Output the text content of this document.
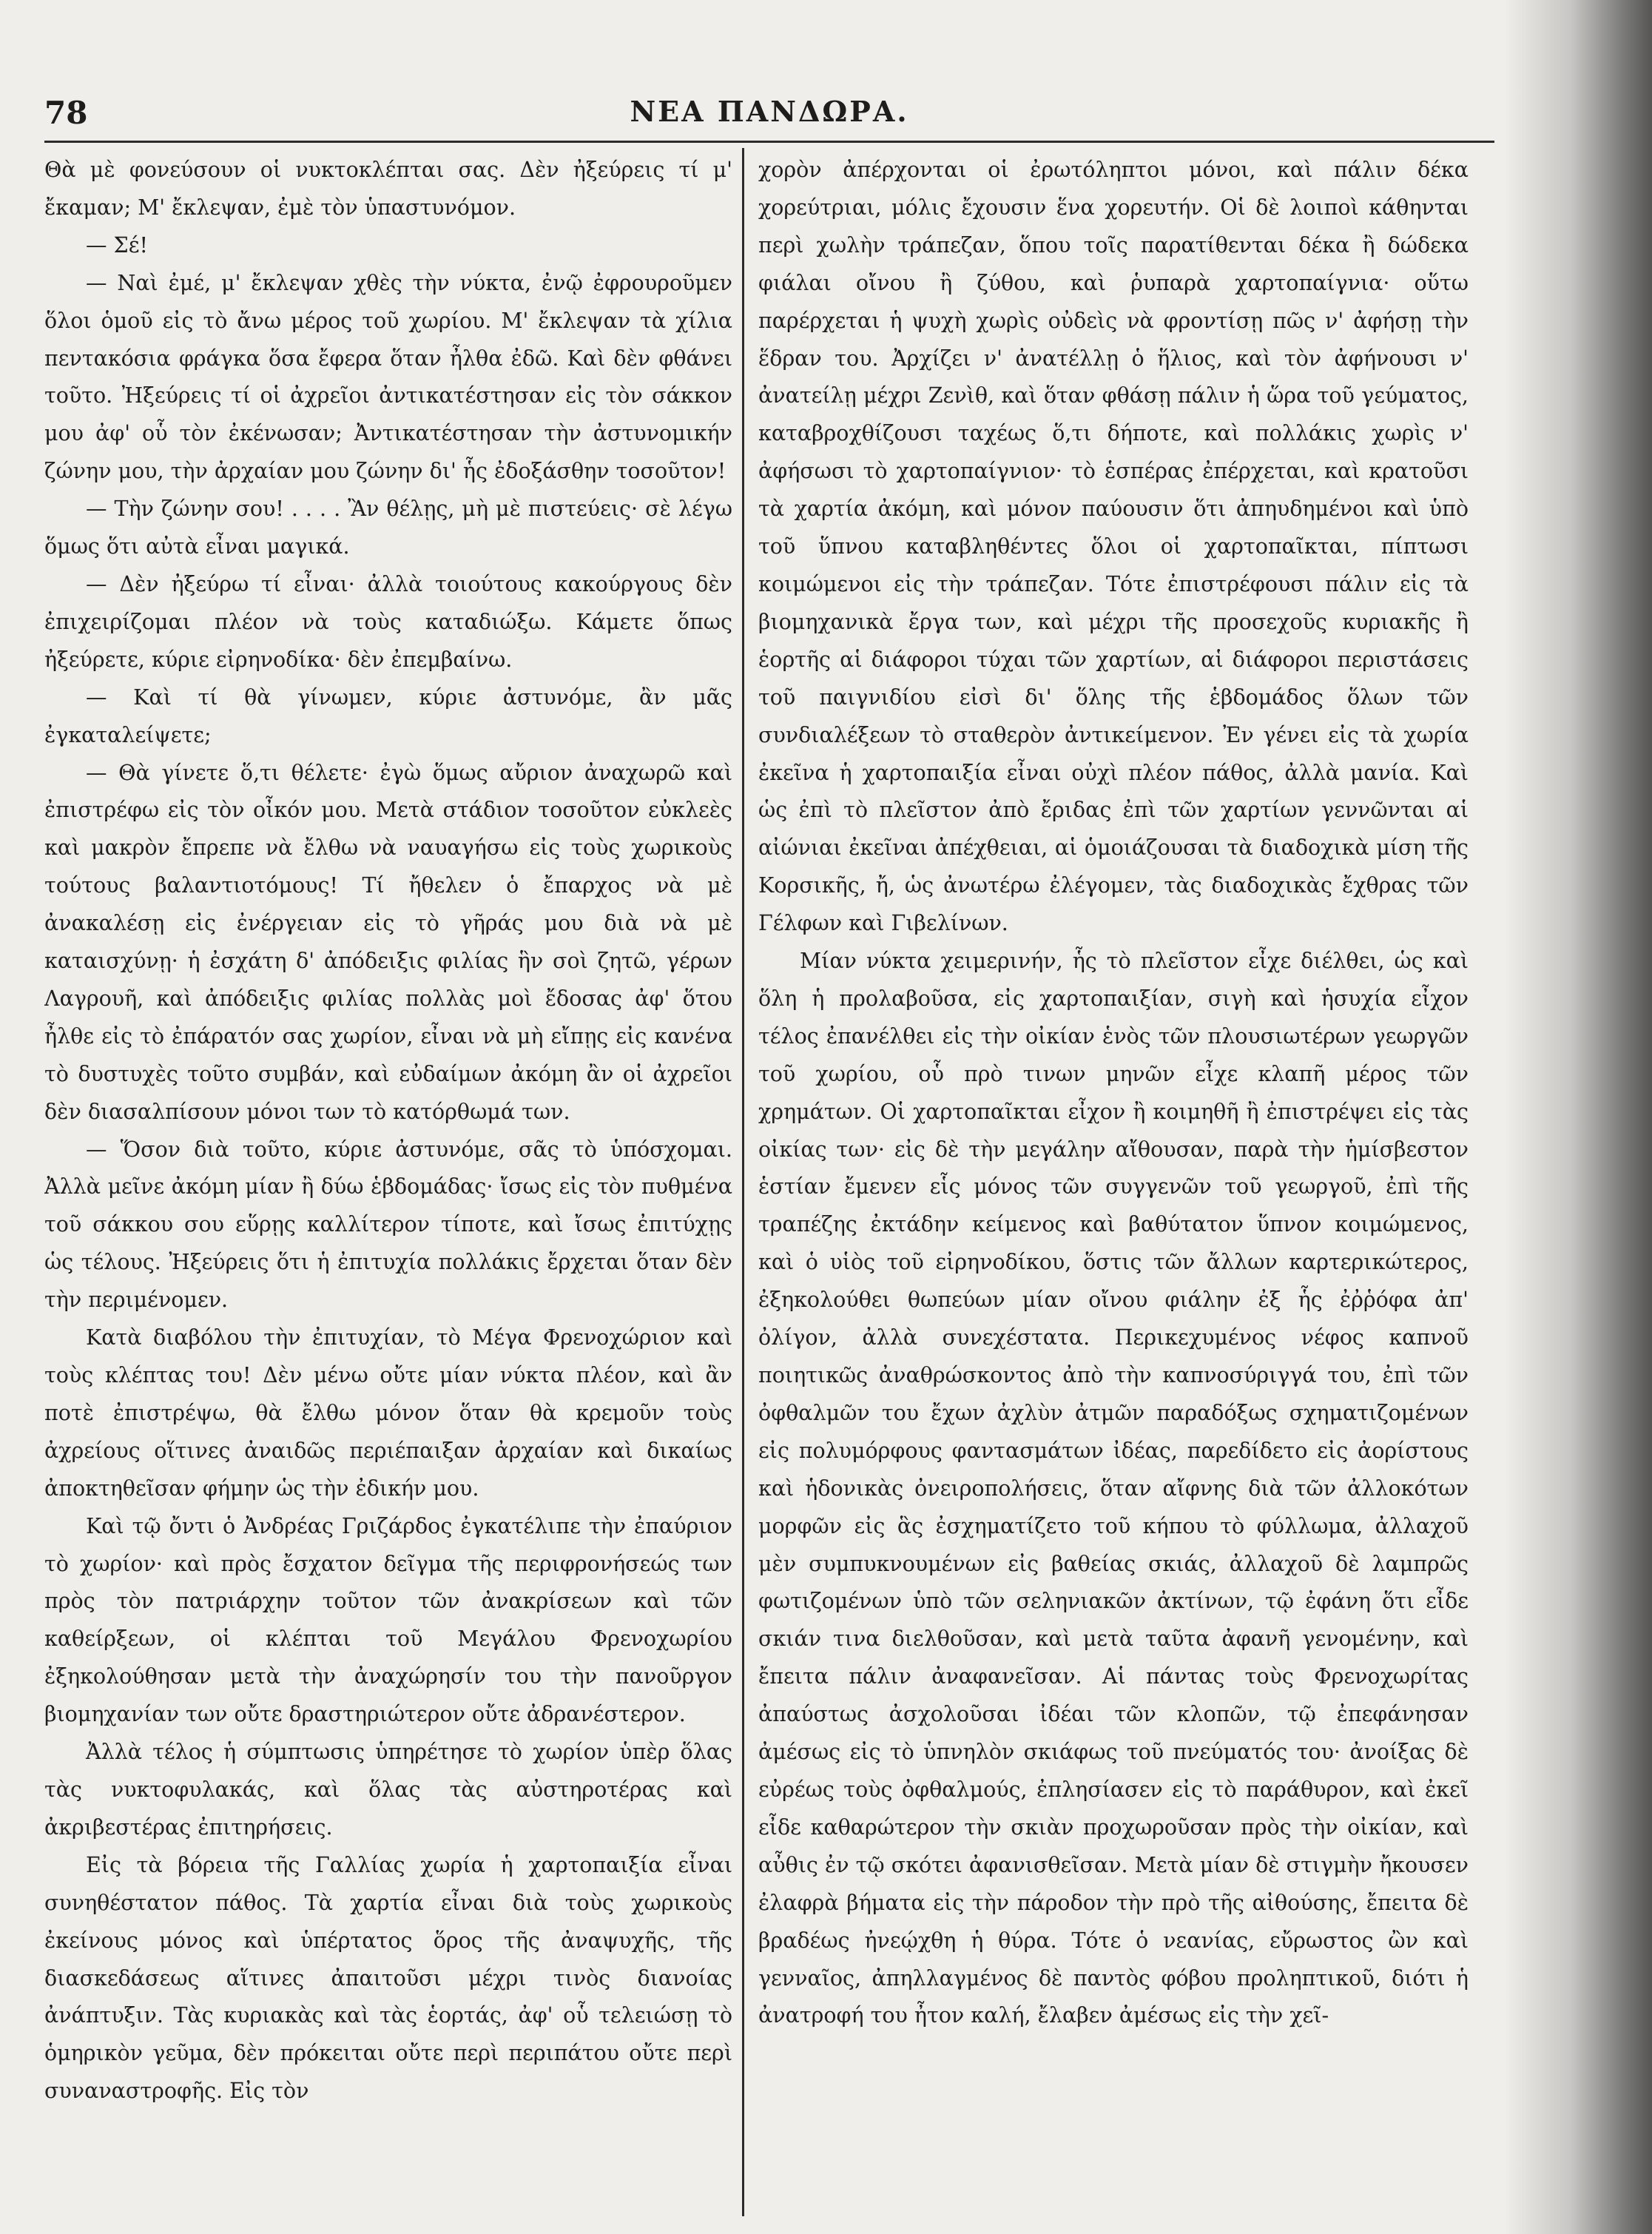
78	ΝΕΑ ΠΑΝΔΩΡΑ.

Θὰ μὲ φονεύσουν οἱ νυκτοκλέπται σας. Δὲν ἠξεύρεις τί μ' ἔκαμαν; Μ' ἔκλεψαν, ἐμὲ τὸν ὑπαστυνόμον.

— Σέ!

— Ναὶ ἐμέ, μ' ἔκλεψαν χθὲς τὴν νύκτα, ἐνῷ ἐφρουροῦμεν ὅλοι ὁμοῦ εἰς τὸ ἄνω μέρος τοῦ χωρίου. Μ' ἔκλεψαν τὰ χίλια πεντακόσια φράγκα ὅσα ἔφερα ὅταν ἦλθα ἐδῶ. Καὶ δὲν φθάνει τοῦτο. Ἠξεύρεις τί οἱ ἀχρεῖοι ἀντικατέστησαν εἰς τὸν σάκκον μου ἀφ' οὗ τὸν ἐκένωσαν; Ἀντικατέστησαν τὴν ἀστυνομικήν ζώνην μου, τὴν ἀρχαίαν μου ζώνην δι' ἧς ἐδοξάσθην τοσοῦτον!

— Τὴν ζώνην σου! . . . . Ἂν θέλῃς, μὴ μὲ πιστεύεις· σὲ λέγω ὅμως ὅτι αὐτὰ εἶναι μαγικά.

— Δὲν ἠξεύρω τί εἶναι· ἀλλὰ τοιούτους κακούργους δὲν ἐπιχειρίζομαι πλέον νὰ τοὺς καταδιώξω. Κάμετε ὅπως ἠξεύρετε, κύριε εἰρηνοδίκα· δὲν ἐπεμβαίνω.

— Καὶ τί θὰ γίνωμεν, κύριε ἀστυνόμε, ἂν μᾶς ἐγκαταλείψετε;

— Θὰ γίνετε ὅ,τι θέλετε· ἐγὼ ὅμως αὔριον ἀναχωρῶ καὶ ἐπιστρέφω εἰς τὸν οἶκόν μου. Μετὰ στάδιον τοσοῦτον εὐκλεὲς καὶ μακρὸν ἔπρεπε νὰ ἔλθω νὰ ναυαγήσω εἰς τοὺς χωρικοὺς τούτους βαλαντιοτόμους! Τί ἤθελεν ὁ ἔπαρχος νὰ μὲ ἀνακαλέσῃ εἰς ἐνέργειαν εἰς τὸ γῆράς μου διὰ νὰ μὲ καταισχύνῃ· ἡ ἐσχάτη δ' ἀπόδειξις φιλίας ἣν σοὶ ζητῶ, γέρων Λαγρουῆ, καὶ ἀπόδειξις φιλίας πολλὰς μοὶ ἔδοσας ἀφ' ὅτου ἦλθε εἰς τὸ ἐπάρατόν σας χωρίον, εἶναι νὰ μὴ εἴπῃς εἰς κανένα τὸ δυστυχὲς τοῦτο συμβάν, καὶ εὐδαίμων ἀκόμη ἂν οἱ ἀχρεῖοι δὲν διασαλπίσουν μόνοι των τὸ κατόρθωμά των.

— Ὅσον διὰ τοῦτο, κύριε ἀστυνόμε, σᾶς τὸ ὑπόσχομαι. Ἀλλὰ μεῖνε ἀκόμη μίαν ἢ δύω ἑβδομάδας· ἴσως εἰς τὸν πυθμένα τοῦ σάκκου σου εὕρῃς καλλίτερον τίποτε, καὶ ἴσως ἐπιτύχῃς ὡς τέλους. Ἠξεύρεις ὅτι ἡ ἐπιτυχία πολλάκις ἔρχεται ὅταν δὲν τὴν περιμένομεν.

Κατὰ διαβόλου τὴν ἐπιτυχίαν, τὸ Μέγα Φρενοχώριον καὶ τοὺς κλέπτας του! Δὲν μένω οὔτε μίαν νύκτα πλέον, καὶ ἂν ποτὲ ἐπιστρέψω, θὰ ἔλθω μόνον ὅταν θὰ κρεμοῦν τοὺς ἀχρείους οἵτινες ἀναιδῶς περιέπαιξαν ἀρχαίαν καὶ δικαίως ἀποκτηθεῖσαν φήμην ὡς τὴν ἐδικήν μου.

Καὶ τῷ ὄντι ὁ Ἀνδρέας Γριζάρδος ἐγκατέλιπε τὴν ἐπαύριον τὸ χωρίον· καὶ πρὸς ἔσχατον δεῖγμα τῆς περιφρονήσεώς των πρὸς τὸν πατριάρχην τοῦτον τῶν ἀνακρίσεων καὶ τῶν καθείρξεων, οἱ κλέπται τοῦ Μεγάλου Φρενοχωρίου ἐξηκολούθησαν μετὰ τὴν ἀναχώρησίν του τὴν πανοῦργον βιομηχανίαν των οὔτε δραστηριώτερον οὔτε ἀδρανέστερον.

Ἀλλὰ τέλος ἡ σύμπτωσις ὑπηρέτησε τὸ χωρίον ὑπὲρ ὅλας τὰς νυκτοφυλακάς, καὶ ὅλας τὰς αὐστηροτέρας καὶ ἀκριβεστέρας ἐπιτηρήσεις.

Εἰς τὰ βόρεια τῆς Γαλλίας χωρία ἡ χαρτοπαιξία εἶναι συνηθέστατον πάθος. Τὰ χαρτία εἶναι διὰ τοὺς χωρικοὺς ἐκείνους μόνος καὶ ὑπέρτατος ὅρος τῆς ἀναψυχῆς, τῆς διασκεδάσεως αἵτινες ἀπαιτοῦσι μέχρι τινὸς διανοίας ἀνάπτυξιν. Τὰς κυριακὰς καὶ τὰς ἑορτάς, ἀφ' οὗ τελειώσῃ τὸ ὁμηρικὸν γεῦμα, δὲν πρόκειται οὔτε περὶ περιπάτου οὔτε περὶ συναναστροφῆς. Εἰς τὸν

χορὸν ἀπέρχονται οἱ ἐρωτόληπτοι μόνοι, καὶ πάλιν δέκα χορεύτριαι, μόλις ἔχουσιν ἕνα χορευτήν. Οἱ δὲ λοιποὶ κάθηνται περὶ χωλὴν τράπεζαν, ὅπου τοῖς παρατίθενται δέκα ἢ δώδεκα φιάλαι οἴνου ἢ ζύθου, καὶ ῥυπαρὰ χαρτοπαίγνια· οὕτω παρέρχεται ἡ ψυχὴ χωρὶς οὐδεὶς νὰ φροντίσῃ πῶς ν' ἀφήσῃ τὴν ἕδραν του. Ἀρχίζει ν' ἀνατέλλῃ ὁ ἥλιος, καὶ τὸν ἀφήνουσι ν' ἀνατείλῃ μέχρι Ζενὶθ, καὶ ὅταν φθάσῃ πάλιν ἡ ὥρα τοῦ γεύματος, καταβροχθίζουσι ταχέως ὅ,τι δήποτε, καὶ πολλάκις χωρὶς ν' ἀφήσωσι τὸ χαρτοπαίγνιον· τὸ ἑσπέρας ἐπέρχεται, καὶ κρατοῦσι τὰ χαρτία ἀκόμη, καὶ μόνον παύουσιν ὅτι ἀπηυδημένοι καὶ ὑπὸ τοῦ ὕπνου καταβληθέντες ὅλοι οἱ χαρτοπαῖκται, πίπτωσι κοιμώμενοι εἰς τὴν τράπεζαν. Τότε ἐπιστρέφουσι πάλιν εἰς τὰ βιομηχανικὰ ἔργα των, καὶ μέχρι τῆς προσεχοῦς κυριακῆς ἢ ἑορτῆς αἱ διάφοροι τύχαι τῶν χαρτίων, αἱ διάφοροι περιστάσεις τοῦ παιγνιδίου εἰσὶ δι' ὅλης τῆς ἑβδομάδος ὅλων τῶν συνδιαλέξεων τὸ σταθερὸν ἀντικείμενον. Ἐν γένει εἰς τὰ χωρία ἐκεῖνα ἡ χαρτοπαιξία εἶναι οὐχὶ πλέον πάθος, ἀλλὰ μανία. Καὶ ὡς ἐπὶ τὸ πλεῖστον ἀπὸ ἔριδας ἐπὶ τῶν χαρτίων γεννῶνται αἱ αἰώνιαι ἐκεῖναι ἀπέχθειαι, αἱ ὁμοιάζουσαι τὰ διαδοχικὰ μίση τῆς Κορσικῆς, ἤ, ὡς ἀνωτέρω ἐλέγομεν, τὰς διαδοχικὰς ἔχθρας τῶν Γέλφων καὶ Γιβελίνων.

Μίαν νύκτα χειμερινήν, ἧς τὸ πλεῖστον εἶχε διέλθει, ὡς καὶ ὅλη ἡ προλαβοῦσα, εἰς χαρτοπαιξίαν, σιγὴ καὶ ἡσυχία εἶχον τέλος ἐπανέλθει εἰς τὴν οἰκίαν ἑνὸς τῶν πλουσιωτέρων γεωργῶν τοῦ χωρίου, οὗ πρὸ τινων μηνῶν εἶχε κλαπῆ μέρος τῶν χρημάτων. Οἱ χαρτοπαῖκται εἶχον ἢ κοιμηθῆ ἢ ἐπιστρέψει εἰς τὰς οἰκίας των· εἰς δὲ τὴν μεγάλην αἴθουσαν, παρὰ τὴν ἡμίσβεστον ἑστίαν ἔμενεν εἷς μόνος τῶν συγγενῶν τοῦ γεωργοῦ, ἐπὶ τῆς τραπέζης ἐκτάδην κείμενος καὶ βαθύτατον ὕπνον κοιμώμενος, καὶ ὁ υἱὸς τοῦ εἰρηνοδίκου, ὅστις τῶν ἄλλων καρτερικώτερος, ἐξηκολούθει θωπεύων μίαν οἴνου φιάλην ἐξ ἧς ἐῤῥόφα ἀπ' ὀλίγον, ἀλλὰ συνεχέστατα. Περικεχυμένος νέφος καπνοῦ ποιητικῶς ἀναθρώσκοντος ἀπὸ τὴν καπνοσύριγγά του, ἐπὶ τῶν ὀφθαλμῶν του ἔχων ἀχλὺν ἀτμῶν παραδόξως σχηματιζομένων εἰς πολυμόρφους φαντασμάτων ἰδέας, παρεδίδετο εἰς ἀορίστους καὶ ἡδονικὰς ὀνειροπολήσεις, ὅταν αἴφνης διὰ τῶν ἀλλοκότων μορφῶν εἰς ἃς ἐσχηματίζετο τοῦ κήπου τὸ φύλλωμα, ἀλλαχοῦ μὲν συμπυκνουμένων εἰς βαθείας σκιάς, ἀλλαχοῦ δὲ λαμπρῶς φωτιζομένων ὑπὸ τῶν σεληνιακῶν ἀκτίνων, τῷ ἐφάνη ὅτι εἶδε σκιάν τινα διελθοῦσαν, καὶ μετὰ ταῦτα ἀφανῆ γενομένην, καὶ ἔπειτα πάλιν ἀναφανεῖσαν. Αἱ πάντας τοὺς Φρενοχωρίτας ἀπαύστως ἀσχολοῦσαι ἰδέαι τῶν κλοπῶν, τῷ ἐπεφάνησαν ἀμέσως εἰς τὸ ὑπνηλὸν σκιάφως τοῦ πνεύματός του· ἀνοίξας δὲ εὐρέως τοὺς ὀφθαλμούς, ἐπλησίασεν εἰς τὸ παράθυρον, καὶ ἐκεῖ εἶδε καθαρώτερον τὴν σκιὰν προχωροῦσαν πρὸς τὴν οἰκίαν, καὶ αὖθις ἐν τῷ σκότει ἀφανισθεῖσαν. Μετὰ μίαν δὲ στιγμὴν ἤκουσεν ἐλαφρὰ βήματα εἰς τὴν πάροδον τὴν πρὸ τῆς αἰθούσης, ἔπειτα δὲ βραδέως ἠνεῴχθη ἡ θύρα. Τότε ὁ νεανίας, εὔρωστος ὢν καὶ γενναῖος, ἀπηλλαγμένος δὲ παντὸς φόβου προληπτικοῦ, διότι ἡ ἀνατροφή του ἦτον καλή, ἔλαβεν ἀμέσως εἰς τὴν χεῖ-
